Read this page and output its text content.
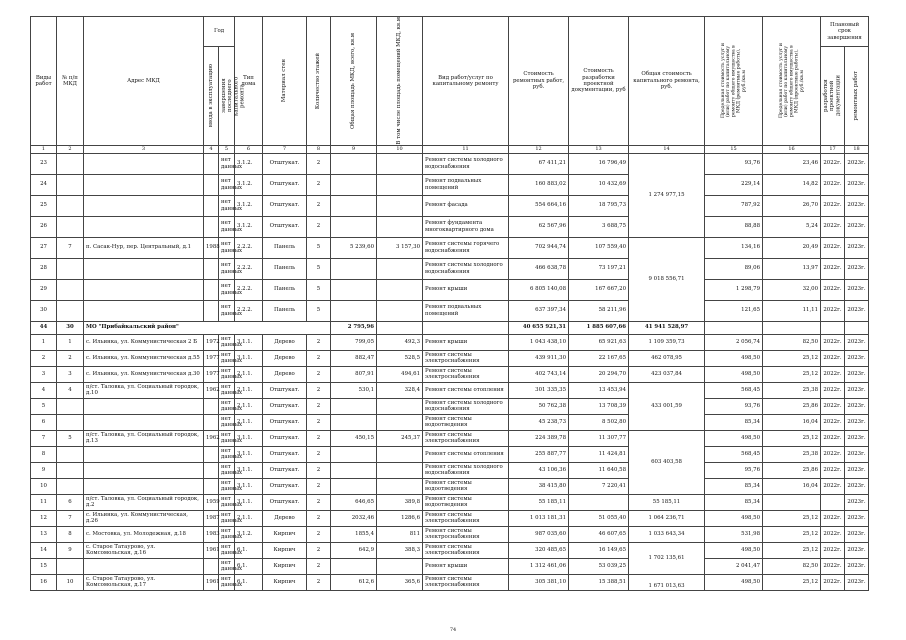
Виды работ	№ п/п МКД	Адрес МКД	Год		Тип дома	Материал стен	Количество этажей	Общая площадь МКД, всего, кв.м	В том числе площадь помещений МКД, кв.м	Вид работ/услуг по капитальному ремонту	Стоимость ремонтных работ, руб.	Стоимость разработки проектной документации, руб	Общая стоимость капитального ремонта, руб.	Предельная стоимость услуг и (или) работ по капитальному ремонту общего имущества в МКД (ремонтные работы), руб./кв.м	Предельная стоимость услуг и (или) работ по капитальному ремонту общего имущества в МКД (проектные работы), руб./кв.м	Плановый срок завершения	

			ввода в эксплуатацию	завершения последнего капитального ремонта												разработки проектной документации	ремонтных работ

1	2	3	4	5	6	7	8	9	10	11	12	13	14	15	16	17	18
23				нет данных	3.1.2.	Отштукат.	2			Ремонт системы холодного водоснабжения	67 411,21	16 796,49	1 274 977,15	93,76	23,46	2022г.	2023г.
24				нет данных	3.1.2.	Отштукат.	2			Ремонт подвальных помещений	160 883,02	10 432,69		229,14	14,82	2022г.	2023г.
25				нет данных	3.1.2.	Отштукат.	2			Ремонт фасада	554 664,16	18 795,73		787,92	26,70	2022г.	2023г.
26				нет данных	3.1.2.	Отштукат.	2			Ремонт фундамента многоквартирного дома	62 567,96	3 688,75		88,88	5,24	2022г.	2023г.
27	7	п. Сасак-Нур, пер. Центральный, д.1	1988	нет данных	2.2.2.	Панель	5	5 239,60	3 157,30	Ремонт системы горячего водоснабжения	702 944,74	107 559,40	9 018 556,71	134,16	20,49	2022г.	2023г.
28				нет данных	2.2.2.	Панель	5			Ремонт системы холодного водоснабжения	466 638,78	73 197,21		89,06	13,97	2022г.	2023г.
29				нет данных	2.2.2.	Панель	5			Ремонт крыши	6 805 140,08	167 667,20		1 298,79	32,00	2022г.	2023г.
30				нет данных	2.2.2.	Панель	5			Ремонт подвальных помещений	637 397,34	58 211,96		121,65	11,11	2022г.	2023г.
44	30	МО "Прибайкальский район"						2 795,96			40 655 921,31	1 885 607,66	41 941 528,97				
1	1	с. Ильинка, ул. Коммунистическая 2 Б	1972	нет данных	3.1.1.	Дерево	2	799,05	492,3	Ремонт крыши	1 043 438,10	65 921,63	1 109 359,73	2 056,74	82,50	2022г.	2023г.
2	2	с. Ильинка, ул. Коммунистическая д.55	1977	нет данных	3.1.1.	Дерево	2	882,47	528,5	Ремонт системы электроснабжения	439 911,30	22 167,65	462 078,95	498,50	25,12	2022г.	2023г.
3	3	с. Ильинка, ул. Коммунистическая д.30	1977	нет данных	2.1.1.	Дерево	2	807,91	494,61	Ремонт системы электроснабжения	402 743,14	20 294,70	423 037,84	498,50	25,12	2022г.	2023г.
4	4	п/ст. Таловка, ул. Социальный городок, д.10	1962	нет данных	2.1.1.	Отштукат.	2	530,1	328,4	Ремонт системы отопления	301 335,35	13 453,94	433 001,59	568,45	25,38	2022г.	2023г.
5				нет данных	2.1.1.	Отштукат.	2			Ремонт системы холодного водоснабжения	50 762,38	13 708,39		93,76	25,86	2022г.	2023г.
6				нет данных	2.1.1.	Отштукат.	2			Ремонт системы водоотведения	45 238,73	8 502,80		85,34	16,04	2022г.	2023г.
7	5	п/ст. Таловка, ул. Социальный городок, д.13	1962	нет данных	3.1.1.	Отштукат.	2	450,15	245,37	Ремонт системы электроснабжения	224 389,78	11 307,77	603 403,58	498,50	25,12	2022г.	2023г.
8				нет данных	3.1.1.	Отштукат.	2			Ремонт системы отопления	255 887,77	11 424,81		568,45	25,38	2022г.	2023г.
9				нет данных	3.1.1.	Отштукат.	2			Ремонт системы холодного водоснабжения	43 106,36	11 640,58		95,76	25,86	2022г.	2023г.
10				нет данных	3.1.1.	Отштукат.	2			Ремонт системы водоотведения	38 415,80	7 220,41		85,34	16,04	2022г.	2023г.
11	6	п/ст. Таловка, ул. Социальный городок, д.2	1959	нет данных	3.1.1.	Отштукат.	2	646,65	389,8	Ремонт системы водоотведения	55 185,11		55 185,11	85,34			2023г.
12	7	с. Ильинка, ул. Коммунистическая, д.26	1987	нет данных	2.1.1.	Дерево	2	2032,46	1286,6	Ремонт системы электроснабжения	1 013 181,31	51 055,40	1 064 236,71	498,50	25,12	2022г.	2023г.
13	8	с. Мостовка, ул. Молодежная, д.18	1983	нет данных	3.1.2.	Кирпич	2	1855,4	811	Ремонт системы электроснабжения	987 035,60	46 607,65	1 033 643,34	531,98	25,12	2022г.	2023г.
14	9	с. Старое Татаурово, ул. Комсомольская, д.16	1961	нет данных	6.1.	Кирпич	2	642,9	388,3	Ремонт системы электроснабжения	320 485,65	16 149,65	1 702 135,61	498,50	25,12	2022г.	2023г.
15				нет данных	6.1.	Кирпич	2			Ремонт крыши	1 312 461,06	53 039,25		2 041,47	82,50	2022г.	2023г.
16	10	с. Старое Татаурово, ул. Комсомольская, д.17	1961	нет данных	6.1.	Кирпич	2	612,6	365,6	Ремонт системы электроснабжения	305 381,10	15 388,51	1 671 013,63	498,50	25,12	2022г.	2023г.
74
